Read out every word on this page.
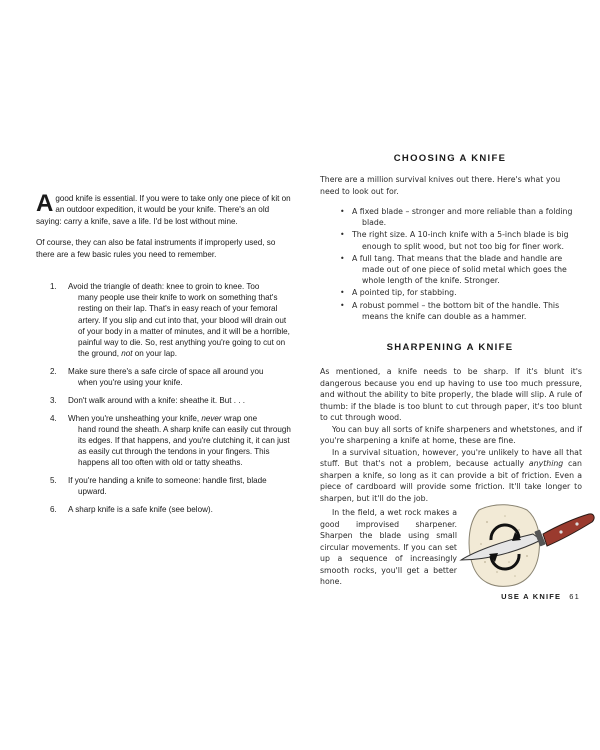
Agood knife is essential. If you were to take only one piece of kit on an outdoor expedition, it would be your knife. There's an old saying: carry a knife, save a life. I'd be lost without mine.

Of course, they can also be fatal instruments if improperly used, so there are a few basic rules you need to remember.

1. Avoid the triangle of death: knee to groin to knee. Too
many people use their knife to work on something that's resting on their lap. That's in easy reach of your femoral artery. If you slip and cut into that, your blood will drain out of your body in a matter of minutes, and it will be a horrible, painful way to die. So, rest anything you're going to cut on the ground, not on your lap.
2. Make sure there's a safe circle of space all around you
when you're using your knife.
3. Don't walk around with a knife: sheathe it. But . . .
4. When you're unsheathing your knife, never wrap one
hand round the sheath. A sharp knife can easily cut through its edges. If that happens, and you're clutching it, it can just as easily cut through the tendons in your fingers. This happens all too often with old or tatty sheaths.
5. If you're handing a knife to someone: handle first, blade
upward.
6. A sharp knife is a safe knife (see below).
CHOOSING A KNIFE
There are a million survival knives out there. Here's what you need to look out for.
• A fixed blade – stronger and more reliable than a folding
blade.
• The right size. A 10-inch knife with a 5-inch blade is big
enough to split wood, but not too big for finer work.
• A full tang. That means that the blade and handle are
made out of one piece of solid metal which goes the whole length of the knife. Stronger.
• A pointed tip, for stabbing.
• A robust pommel – the bottom bit of the handle. This
means the knife can double as a hammer.
SHARPENING A KNIFE

As mentioned, a knife needs to be sharp. If it's blunt it's dangerous because you end up having to use too much pressure, and without the ability to bite properly, the blade will slip. A rule of thumb: if the blade is too blunt to cut through paper, it's too blunt to cut through wood.

You can buy all sorts of knife sharpeners and whetstones, and if you're sharpening a knife at home, these are fine.

In a survival situation, however, you're unlikely to have all that stuff. But that's not a problem, because actually anything can sharpen a knife, so long as it can provide a bit of friction. Even a piece of cardboard will provide some friction. It'll take longer to sharpen, but it'll do the job.

In the field, a wet rock makes a good improvised sharpener. Sharpen the blade using small circular movements. If you can set up a sequence of increasingly smooth rocks, you'll get a better hone.
USE A KNIFE 61
